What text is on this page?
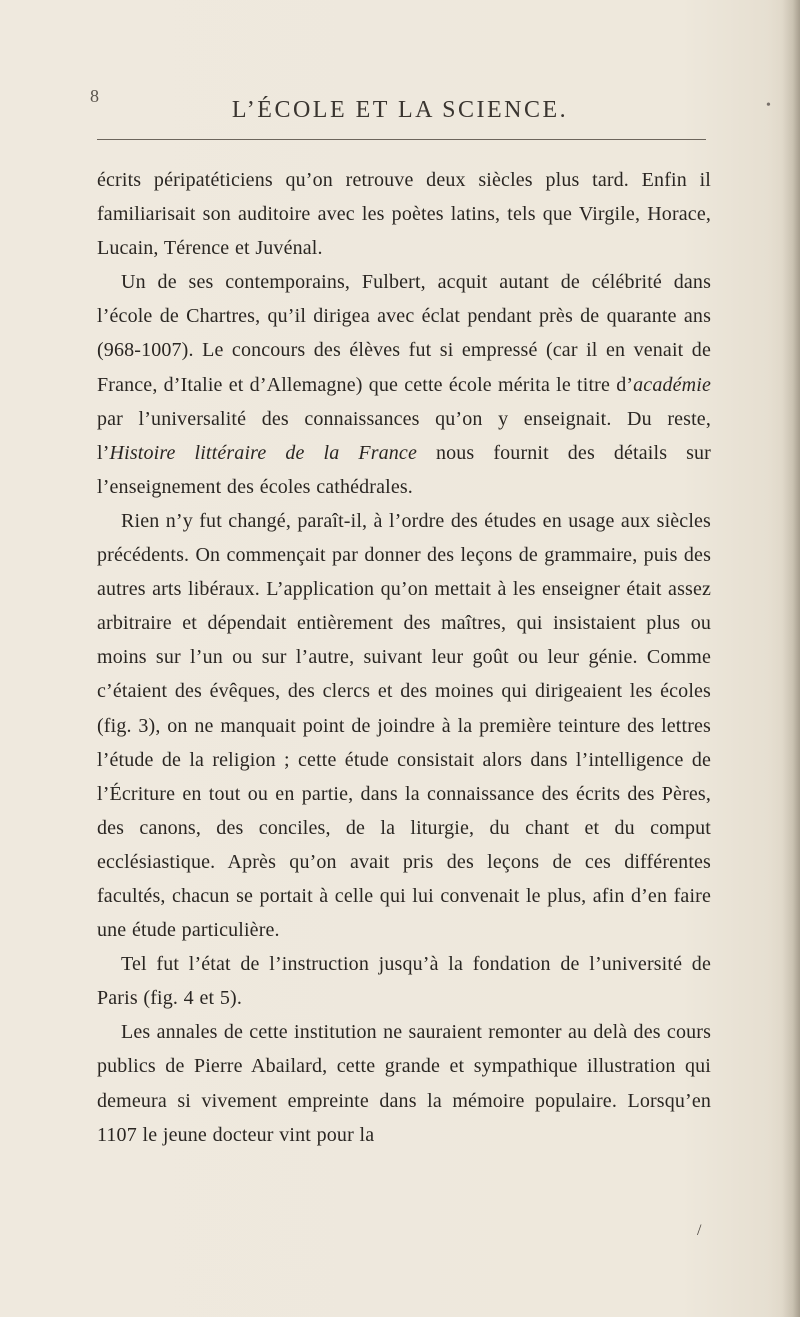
8
L’ÉCOLE ET LA SCIENCE.	•

écrits péripatéticiens qu’on retrouve deux siècles plus tard. Enfin il familiarisait son auditoire avec les poètes latins, tels que Virgile, Horace, Lucain, Térence et Juvénal.

Un de ses contemporains, Fulbert, acquit autant de célébrité dans l’école de Chartres, qu’il dirigea avec éclat pendant près de quarante ans (968-1007). Le concours des élèves fut si empressé (car il en venait de France, d’Italie et d’Allemagne) que cette école mérita le titre d’académie par l’universalité des connaissances qu’on y enseignait. Du reste, l’Histoire littéraire de la France nous fournit des détails sur l’enseignement des écoles cathédrales.

Rien n’y fut changé, paraît-il, à l’ordre des études en usage aux siècles précédents. On commençait par donner des leçons de grammaire, puis des autres arts libéraux. L’application qu’on mettait à les enseigner était assez arbitraire et dépendait entièrement des maîtres, qui insistaient plus ou moins sur l’un ou sur l’autre, suivant leur goût ou leur génie. Comme c’étaient des évêques, des clercs et des moines qui dirigeaient les écoles (fig. 3), on ne manquait point de joindre à la première teinture des lettres l’étude de la religion ; cette étude consistait alors dans l’intelligence de l’Écriture en tout ou en partie, dans la connaissance des écrits des Pères, des canons, des conciles, de la liturgie, du chant et du comput ecclésiastique. Après qu’on avait pris des leçons de ces différentes facultés, chacun se portait à celle qui lui convenait le plus, afin d’en faire une étude particulière.

Tel fut l’état de l’instruction jusqu’à la fondation de l’université de Paris (fig. 4 et 5).

Les annales de cette institution ne sauraient remonter au delà des cours publics de Pierre Abailard, cette grande et sympathique illustration qui demeura si vivement empreinte dans la mémoire populaire. Lorsqu’en 1107 le jeune docteur vint pour la

/
